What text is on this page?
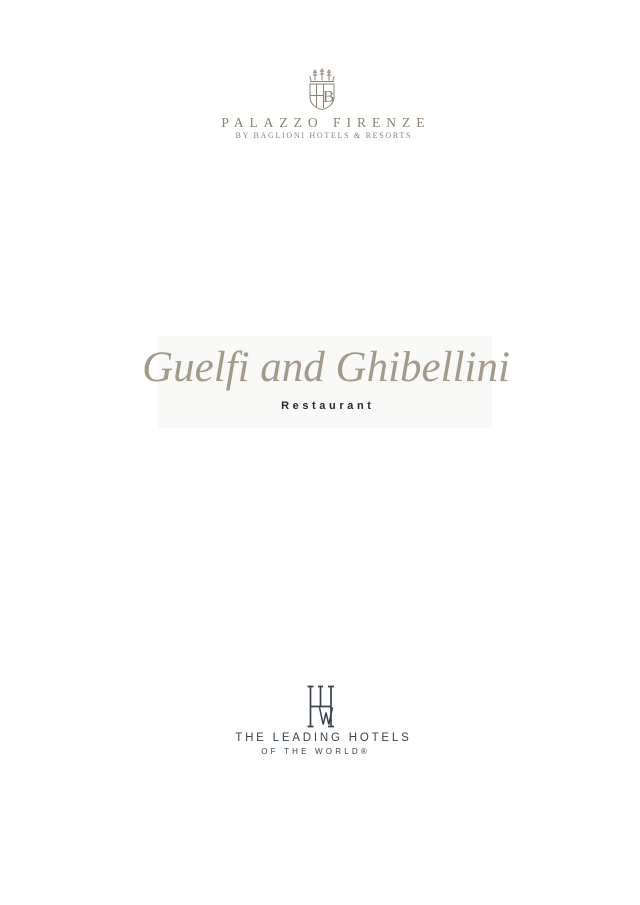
B
PALAZZO FIRENZE
BY BAGLIONI HOTELS & RESORTS
Guelfi and Ghibellini
Restaurant
THE LEADING HOTELS
OF THE WORLD®
